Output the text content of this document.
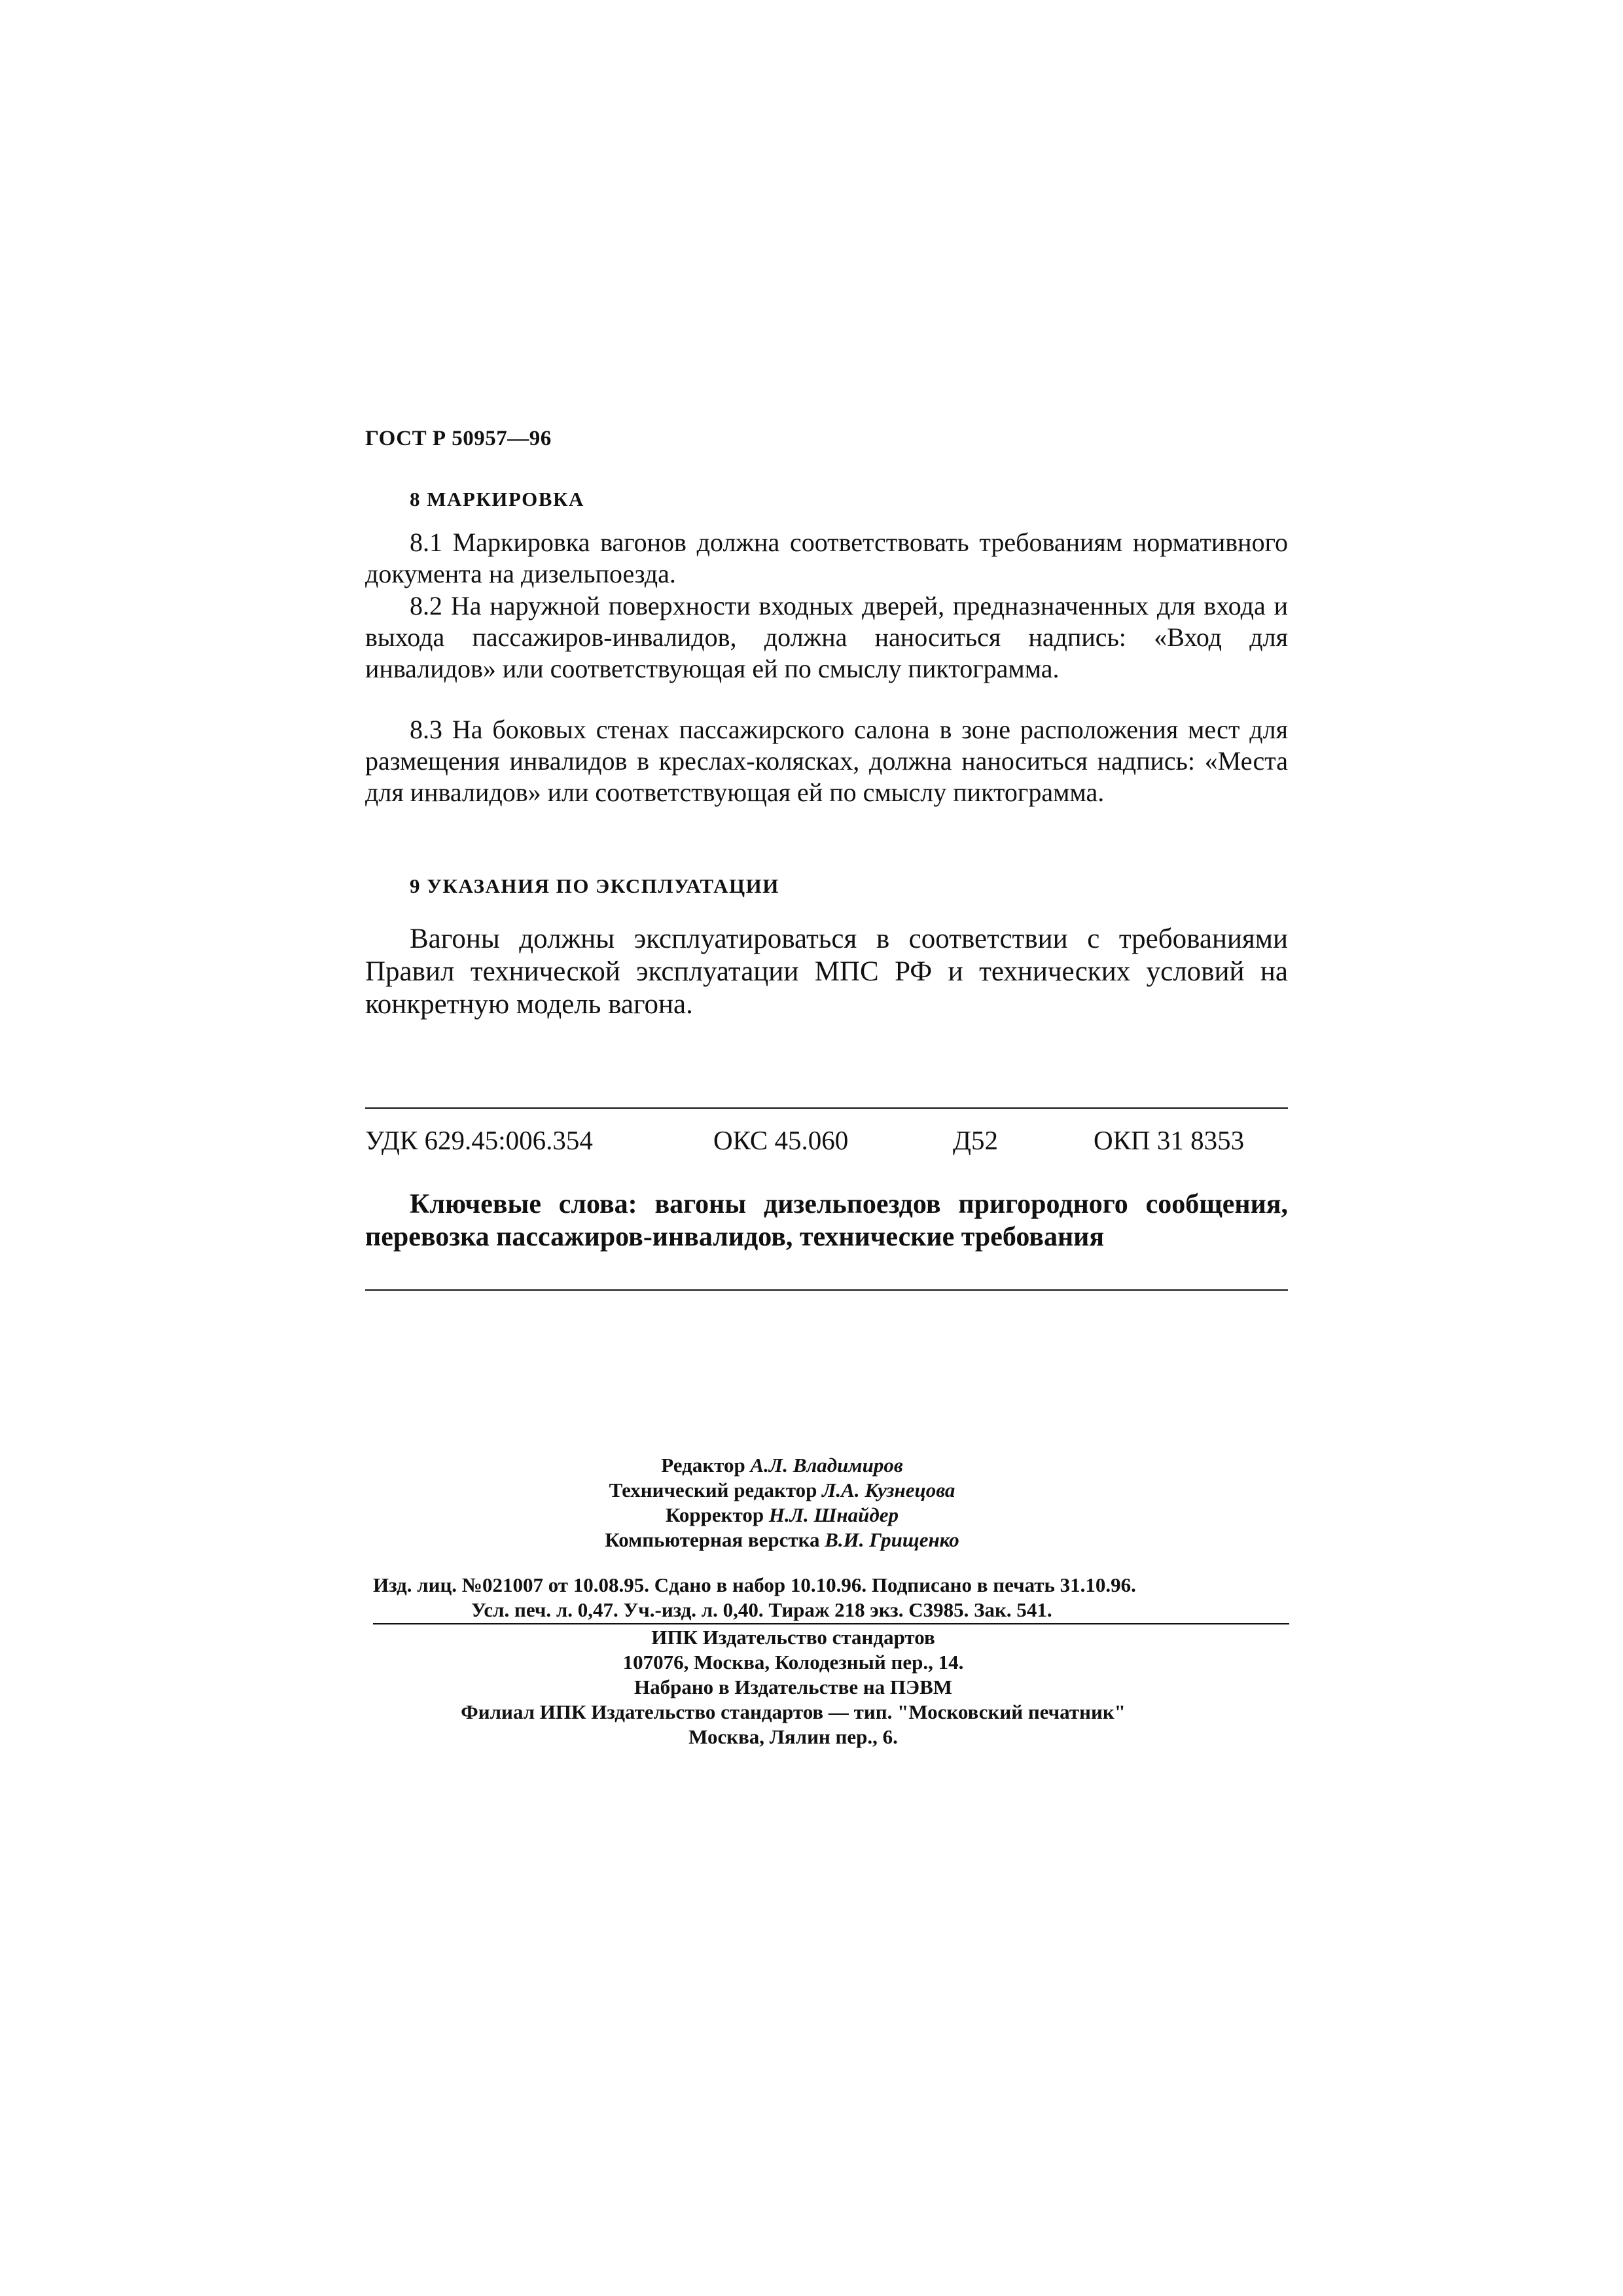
ГОСТ Р 50957—96
8 МАРКИРОВКА

8.1 Маркировка вагонов должна соответствовать требованиям нормативного документа на дизельпоезда.

8.2 На наружной поверхности входных дверей, предназначенных для входа и выхода пассажиров-инвалидов, должна наноситься надпись: «Вход для инвалидов» или соответствующая ей по смыслу пиктограмма.

8.3 На боковых стенах пассажирского салона в зоне расположения мест для размещения инвалидов в креслах-колясках, должна наноситься надпись: «Места для инвалидов» или соответствующая ей по смыслу пиктограмма.

9 УКАЗАНИЯ ПО ЭКСПЛУАТАЦИИ

Вагоны должны эксплуатироваться в соответствии с требованиями Правил технической эксплуатации МПС РФ и технических условий на конкретную модель вагона.

УДК 629.45:006.354	ОКС 45.060	Д52	ОКП 31 8353

Ключевые слова: вагоны дизельпоездов пригородного сообщения, перевозка пассажиров-инвалидов, технические требования

Редактор А.Л. Владимиров
Технический редактор Л.А. Кузнецова
Корректор Н.Л. Шнайдер
Компьютерная верстка В.И. Грищенко
Изд. лиц. №021007 от 10.08.95. Сдано в набор 10.10.96. Подписано в печать 31.10.96.
Усл. печ. л. 0,47. Уч.-изд. л. 0,40. Тираж 218 экз. С3985. Зак. 541.
ИПК Издательство стандартов
107076, Москва, Колодезный пер., 14.
Набрано в Издательстве на ПЭВМ
Филиал ИПК Издательство стандартов — тип. "Московский печатник"
Москва, Лялин пер., 6.
